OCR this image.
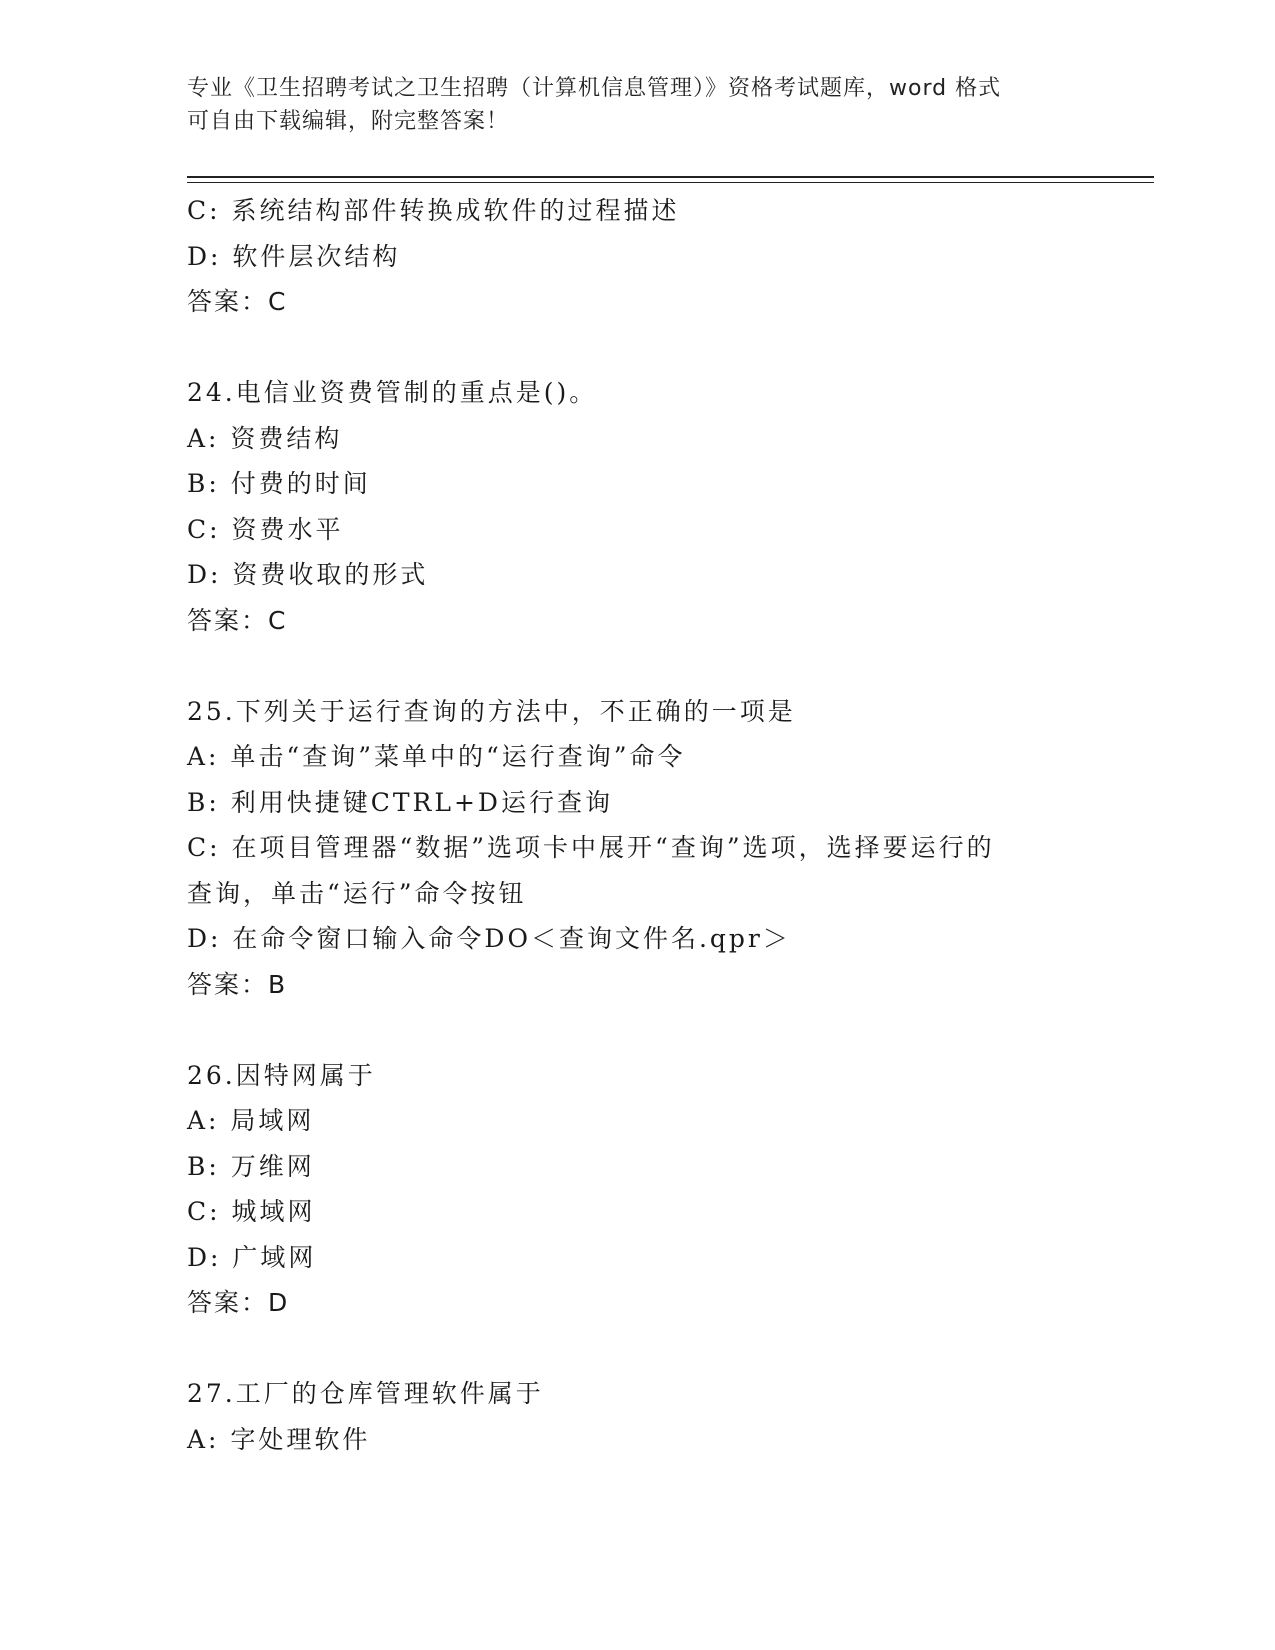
专业《卫生招聘考试之卫生招聘（计算机信息管理）》资格考试题库，word 格式
可自由下载编辑，附完整答案！
C: 系统结构部件转换成软件的过程描述
D: 软件层次结构
答案：C
24.电信业资费管制的重点是()。
A: 资费结构
B: 付费的时间
C: 资费水平
D: 资费收取的形式
答案：C
25.下列关于运行查询的方法中，不正确的一项是
A: 单击“查询”菜单中的“运行查询”命令
B: 利用快捷键CTRL+D运行查询
C: 在项目管理器“数据”选项卡中展开“查询”选项，选择要运行的
查询，单击“运行”命令按钮
D: 在命令窗口输入命令DO＜查询文件名.qpr＞
答案：B
26.因特网属于
A: 局域网
B: 万维网
C: 城域网
D: 广域网
答案：D
27.工厂的仓库管理软件属于
A: 字处理软件
